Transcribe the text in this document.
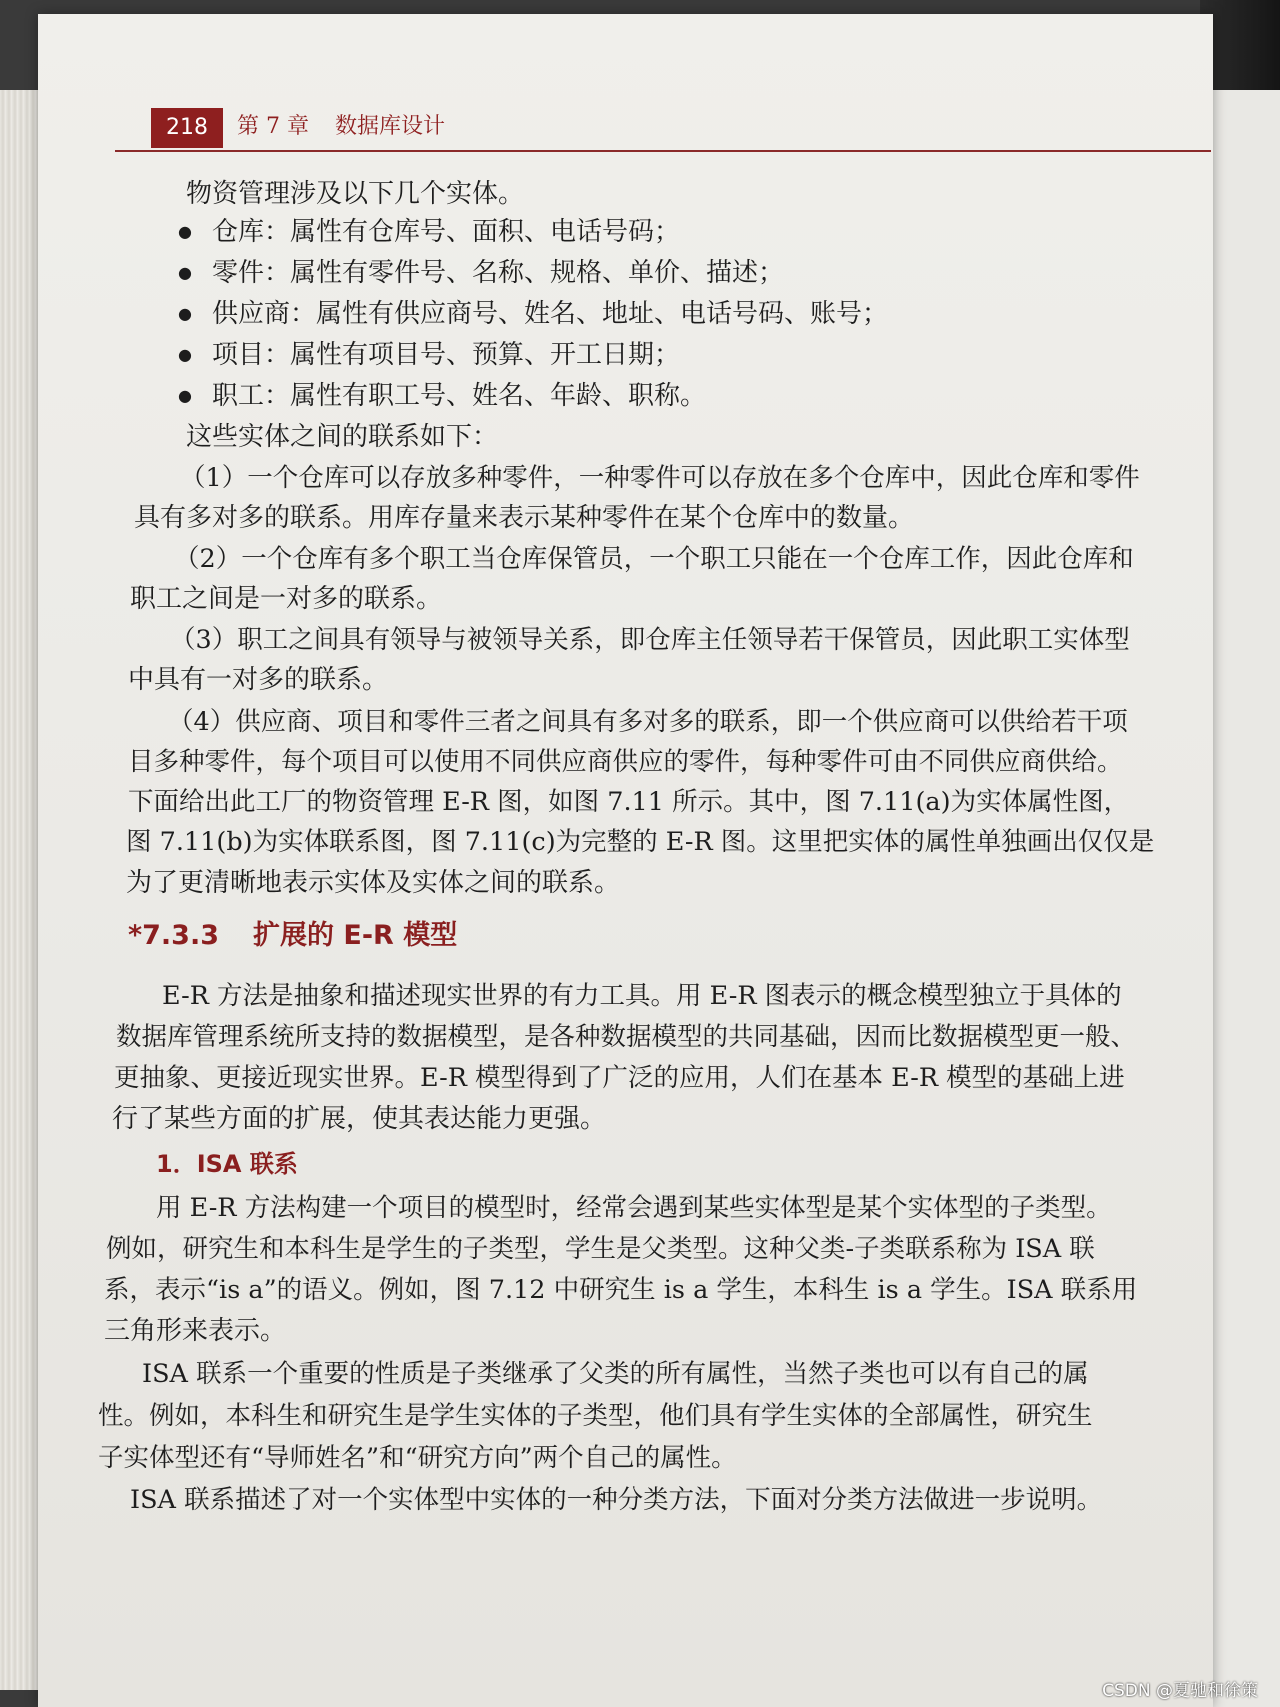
218	第 7 章 数据库设计
物资管理涉及以下几个实体。
● 仓库：属性有仓库号、面积、电话号码；
● 零件：属性有零件号、名称、规格、单价、描述；
● 供应商：属性有供应商号、姓名、地址、电话号码、账号；
● 项目：属性有项目号、预算、开工日期；
● 职工：属性有职工号、姓名、年龄、职称。
这些实体之间的联系如下：
（1）一个仓库可以存放多种零件，一种零件可以存放在多个仓库中，因此仓库和零件
具有多对多的联系。用库存量来表示某种零件在某个仓库中的数量。
（2）一个仓库有多个职工当仓库保管员，一个职工只能在一个仓库工作，因此仓库和
职工之间是一对多的联系。
（3）职工之间具有领导与被领导关系，即仓库主任领导若干保管员，因此职工实体型
中具有一对多的联系。
（4）供应商、项目和零件三者之间具有多对多的联系，即一个供应商可以供给若干项
目多种零件，每个项目可以使用不同供应商供应的零件，每种零件可由不同供应商供给。
下面给出此工厂的物资管理 E-R 图，如图 7.11 所示。其中，图 7.11(a)为实体属性图，
图 7.11(b)为实体联系图，图 7.11(c)为完整的 E-R 图。这里把实体的属性单独画出仅仅是
为了更清晰地表示实体及实体之间的联系。
*7.3.3 扩展的 E-R 模型
E-R 方法是抽象和描述现实世界的有力工具。用 E-R 图表示的概念模型独立于具体的
数据库管理系统所支持的数据模型，是各种数据模型的共同基础，因而比数据模型更一般、
更抽象、更接近现实世界。E-R 模型得到了广泛的应用，人们在基本 E-R 模型的基础上进
行了某些方面的扩展，使其表达能力更强。
1．ISA 联系
用 E-R 方法构建一个项目的模型时，经常会遇到某些实体型是某个实体型的子类型。
例如，研究生和本科生是学生的子类型，学生是父类型。这种父类-子类联系称为 ISA 联
系，表示“is a”的语义。例如，图 7.12 中研究生 is a 学生，本科生 is a 学生。ISA 联系用
三角形来表示。
ISA 联系一个重要的性质是子类继承了父类的所有属性，当然子类也可以有自己的属
性。例如，本科生和研究生是学生实体的子类型，他们具有学生实体的全部属性，研究生
子实体型还有“导师姓名”和“研究方向”两个自己的属性。
ISA 联系描述了对一个实体型中实体的一种分类方法，下面对分类方法做进一步说明。
CSDN @夏驰和徐策
